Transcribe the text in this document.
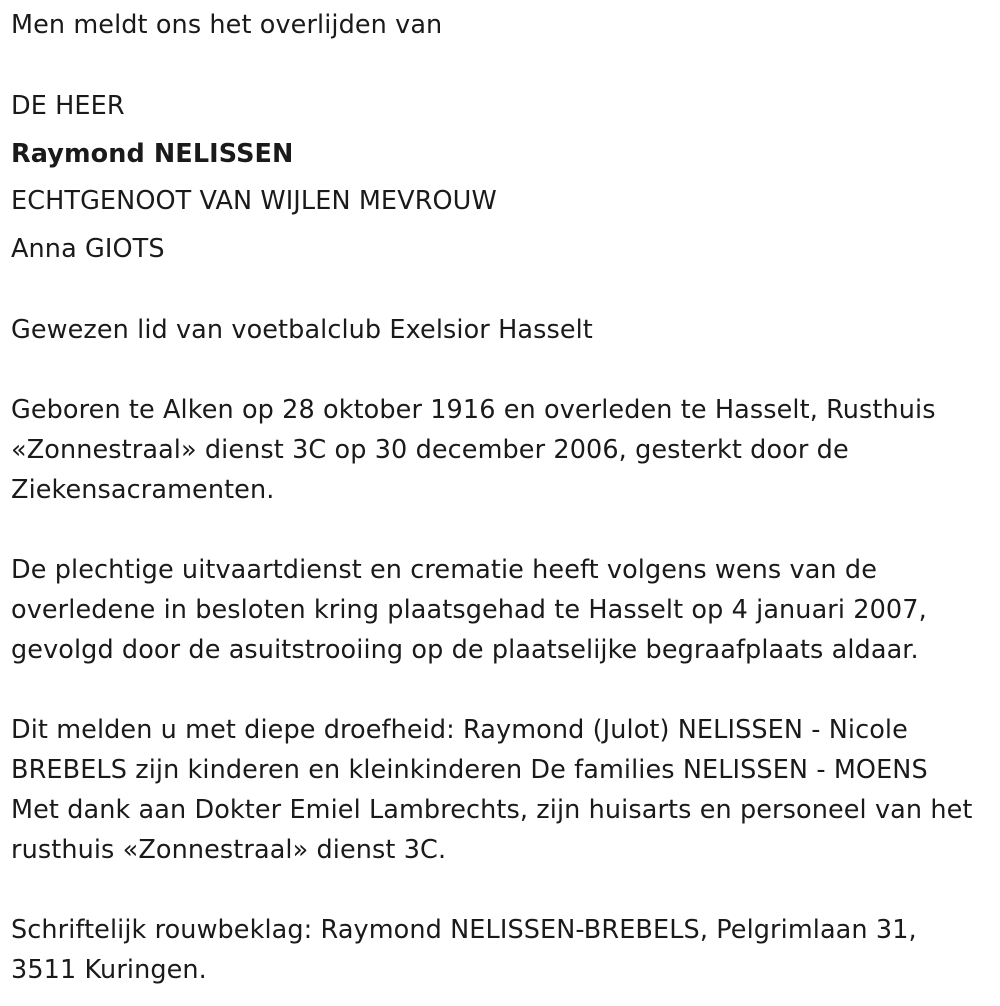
Men meldt ons het overlijden van
DE HEER
Raymond NELISSEN
ECHTGENOOT VAN WIJLEN MEVROUW
Anna GIOTS
Gewezen lid van voetbalclub Exelsior Hasselt

Geboren te Alken op 28 oktober 1916 en overleden te Hasselt, Rusthuis «Zonnestraal» dienst 3C op 30 december 2006, gesterkt door de Ziekensacramenten.

De plechtige uitvaartdienst en crematie heeft volgens wens van de overledene in besloten kring plaatsgehad te Hasselt op 4 januari 2007, gevolgd door de asuitstrooiing op de plaatselijke begraafplaats aldaar.

Dit melden u met diepe droefheid: Raymond (Julot) NELISSEN - Nicole BREBELS zijn kinderen en kleinkinderen De families NELISSEN - MOENS Met dank aan Dokter Emiel Lambrechts, zijn huisarts en personeel van het rusthuis «Zonnestraal» dienst 3C.

Schriftelijk rouwbeklag: Raymond NELISSEN-BREBELS, Pelgrimlaan 31, 3511 Kuringen.
